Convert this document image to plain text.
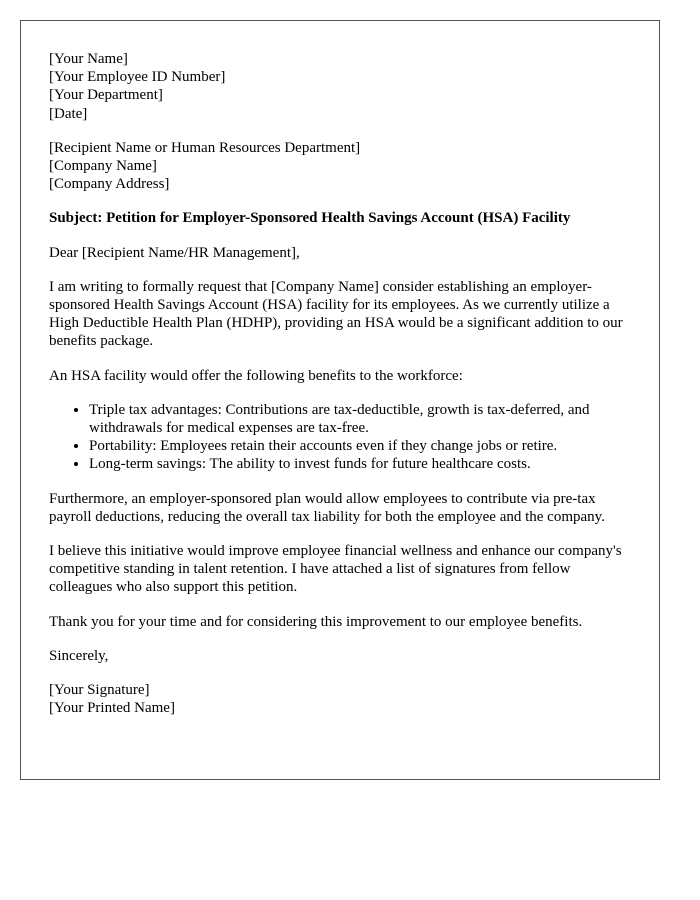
[Your Name]
[Your Employee ID Number]
[Your Department]
[Date]
[Recipient Name or Human Resources Department]
[Company Name]
[Company Address]

Subject: Petition for Employer-Sponsored Health Savings Account (HSA) Facility

Dear [Recipient Name/HR Management],

I am writing to formally request that [Company Name] consider establishing an employer-sponsored Health Savings Account (HSA) facility for its employees. As we currently utilize a High Deductible Health Plan (HDHP), providing an HSA would be a significant addition to our benefits package.

An HSA facility would offer the following benefits to the workforce:

• Triple tax advantages: Contributions are tax-deductible, growth is tax-deferred, and withdrawals for medical expenses are tax-free.
• Portability: Employees retain their accounts even if they change jobs or retire.
• Long-term savings: The ability to invest funds for future healthcare costs.

Furthermore, an employer-sponsored plan would allow employees to contribute via pre-tax payroll deductions, reducing the overall tax liability for both the employee and the company.

I believe this initiative would improve employee financial wellness and enhance our company's competitive standing in talent retention. I have attached a list of signatures from fellow colleagues who also support this petition.

Thank you for your time and for considering this improvement to our employee benefits.

Sincerely,

[Your Signature]
[Your Printed Name]
